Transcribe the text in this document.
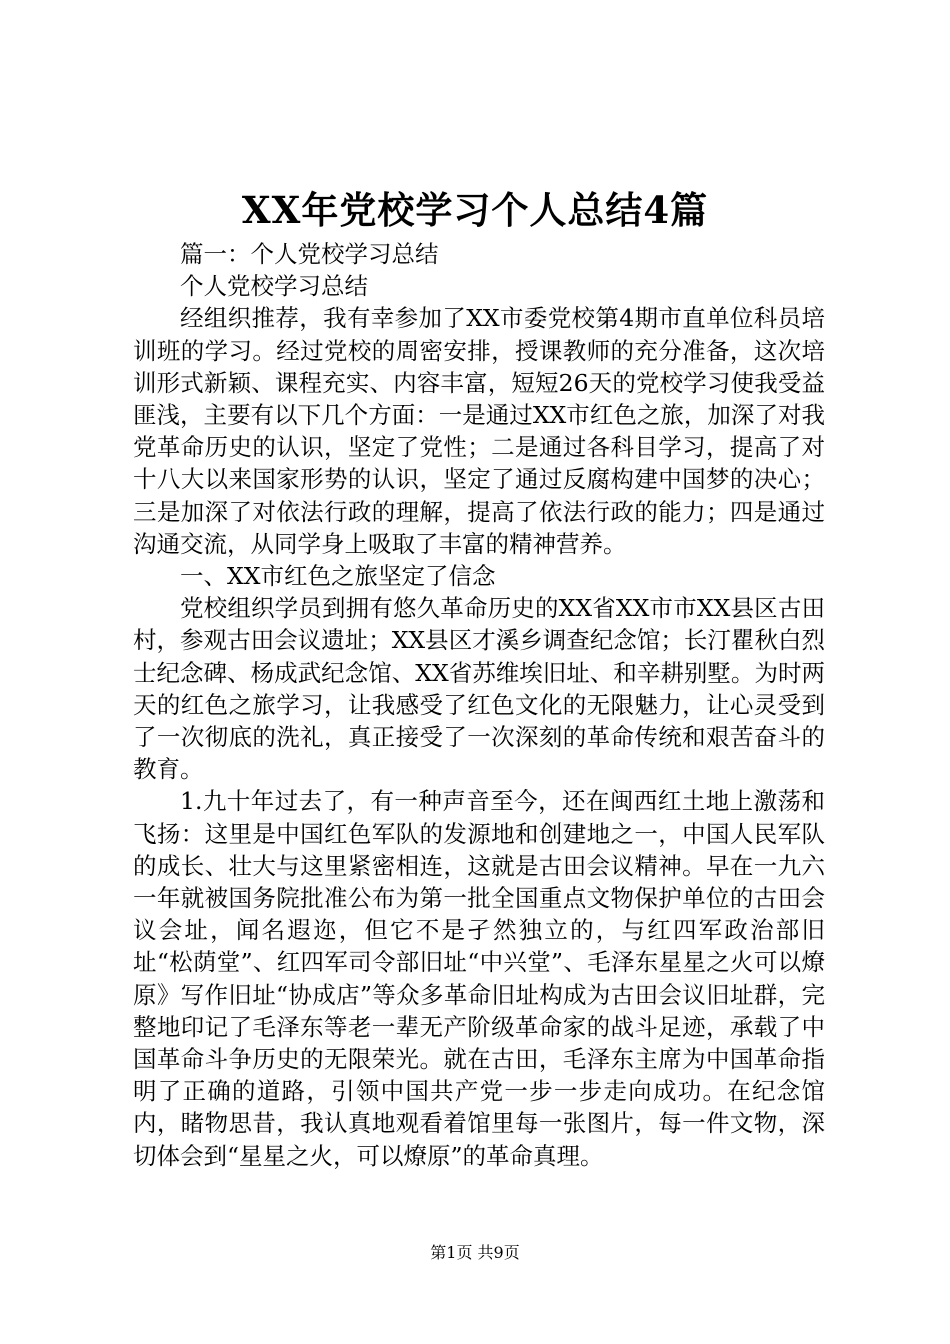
XX年党校学习个人总结4篇

篇一：个人党校学习总结

个人党校学习总结

经组织推荐，我有幸参加了XX市委党校第4期市直单位科员培训班的学习。经过党校的周密安排，授课教师的充分准备，这次培训形式新颖、课程充实、内容丰富，短短26天的党校学习使我受益匪浅，主要有以下几个方面：一是通过XX市红色之旅，加深了对我党革命历史的认识，坚定了党性；二是通过各科目学习，提高了对十八大以来国家形势的认识，坚定了通过反腐构建中国梦的决心；三是加深了对依法行政的理解，提高了依法行政的能力；四是通过沟通交流，从同学身上吸取了丰富的精神营养。

一、XX市红色之旅坚定了信念

党校组织学员到拥有悠久革命历史的XX省XX市市XX县区古田村，参观古田会议遗址；XX县区才溪乡调查纪念馆；长汀瞿秋白烈士纪念碑、杨成武纪念馆、XX省苏维埃旧址、和辛耕别墅。为时两天的红色之旅学习，让我感受了红色文化的无限魅力，让心灵受到了一次彻底的洗礼，真正接受了一次深刻的革命传统和艰苦奋斗的教育。

1.九十年过去了，有一种声音至今，还在闽西红土地上激荡和飞扬：这里是中国红色军队的发源地和创建地之一，中国人民军队的成长、壮大与这里紧密相连，这就是古田会议精神。早在一九六一年就被国务院批准公布为第一批全国重点文物保护单位的古田会议会址，闻名遐迩，但它不是孑然独立的，与红四军政治部旧址“松荫堂”、红四军司令部旧址“中兴堂”、毛泽东星星之火可以燎原》写作旧址“协成店”等众多革命旧址构成为古田会议旧址群，完整地印记了毛泽东等老一辈无产阶级革命家的战斗足迹，承载了中国革命斗争历史的无限荣光。就在古田，毛泽东主席为中国革命指明了正确的道路，引领中国共产党一步一步走向成功。在纪念馆内，睹物思昔，我认真地观看着馆里每一张图片，每一件文物，深切体会到“星星之火，可以燎原”的革命真理。

第1页 共9页
